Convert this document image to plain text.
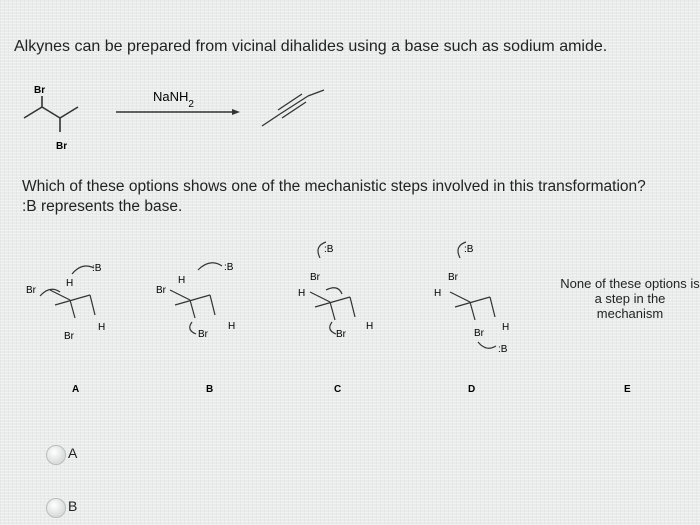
Alkynes can be prepared from vicinal dihalides using a base such as sodium amide.
Br
Br
NaNH$_2$
:B
Br
H
Br
H
A
:B
Br
H
Br
H
B
:B
Br
H
Br
H
C
:B
Br
H
Br
H
:B
D	E
Which of these options shows one of the mechanistic steps involved in this transformation? :B represents the base.
None of these options is a step in the mechanism
A
B
